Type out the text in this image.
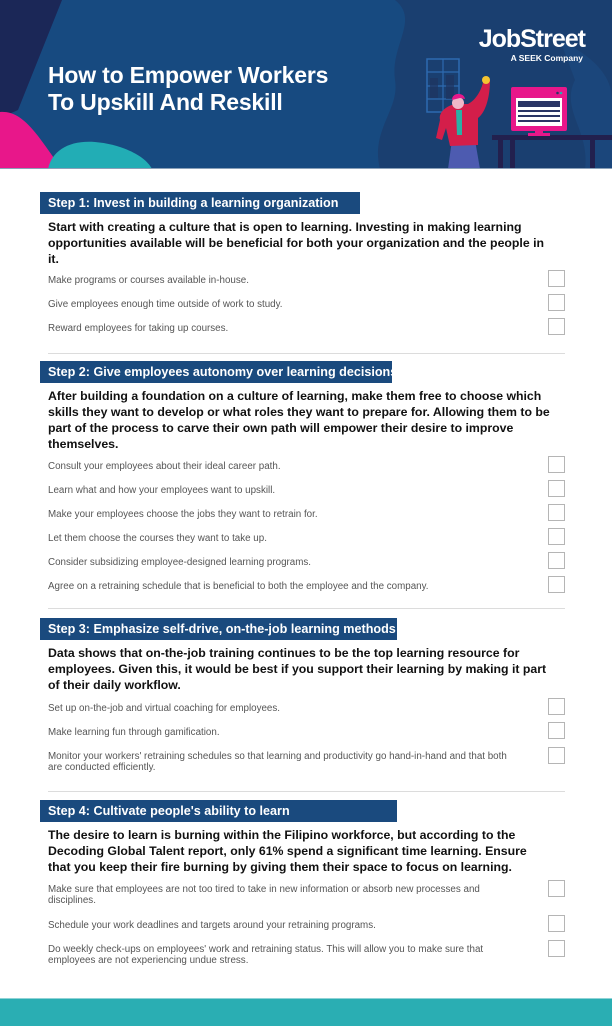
How to Empower Workers
To Upskill And Reskill
JobStreet
A SEEK Company
Step 1: Invest in building a learning organization
Start with creating a culture that is open to learning. Investing in making learning opportunities available will be beneficial for both your organization and the people in it.
Make programs or courses available in-house.
Give employees enough time outside of work to study.
Reward employees for taking up courses.
Step 2: Give employees autonomy over learning decisions
After building a foundation on a culture of learning, make them free to choose which skills they want to develop or what roles they want to prepare for. Allowing them to be part of the process to carve their own path will empower their desire to improve themselves.
Consult your employees about their ideal career path.
Learn what and how your employees want to upskill.
Make your employees choose the jobs they want to retrain for.
Let them choose the courses they want to take up.
Consider subsidizing employee-designed learning programs.
Agree on a retraining schedule that is beneficial to both the employee and the company.
Step 3: Emphasize self-drive, on-the-job learning methods
Data shows that on-the-job training continues to be the top learning resource for employees. Given this, it would be best if you support their learning by making it part of their daily workflow.
Set up on-the-job and virtual coaching for employees.
Make learning fun through gamification.
Monitor your workers' retraining schedules so that learning and productivity go hand-in-hand and that both are conducted efficiently.
Step 4: Cultivate people's ability to learn
The desire to learn is burning within the Filipino workforce, but according to the Decoding Global Talent report, only 61% spend a significant time learning. Ensure that you keep their fire burning by giving them their space to focus on learning.
Make sure that employees are not too tired to take in new information or absorb new processes and disciplines.
Schedule your work deadlines and targets around your retraining programs.
Do weekly check-ups on employees' work and retraining status. This will allow you to make sure that employees are not experiencing undue stress.
